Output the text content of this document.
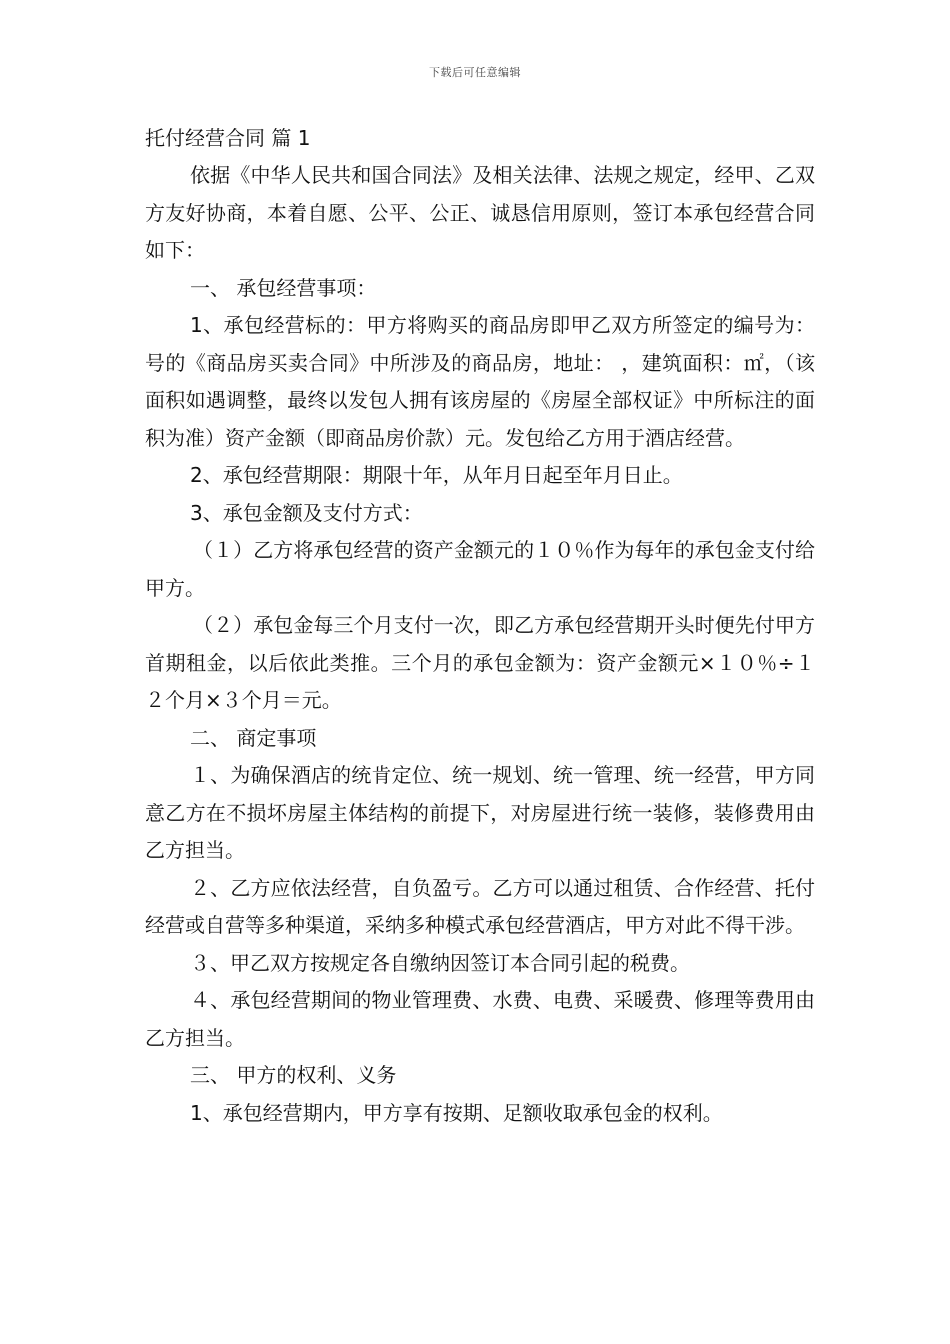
下载后可任意编辑
托付经营合同 篇 1

依据《中华人民共和国合同法》及相关法律、法规之规定，经甲、乙双方友好协商，本着自愿、公平、公正、诚恳信用原则，签订本承包经营合同如下：

一、 承包经营事项：

1、承包经营标的：甲方将购买的商品房即甲乙双方所签定的编号为： 号的《商品房买卖合同》中所涉及的商品房，地址： ，建筑面积：㎡，（该面积如遇调整，最终以发包人拥有该房屋的《房屋全部权证》中所标注的面积为准）资产金额（即商品房价款）元。发包给乙方用于酒店经营。

2、承包经营期限：期限十年，从年月日起至年月日止。

3、承包金额及支付方式：

（１）乙方将承包经营的资产金额元的１０％作为每年的承包金支付给甲方。

（２）承包金每三个月支付一次，即乙方承包经营期开头时便先付甲方首期租金，以后依此类推。三个月的承包金额为：资产金额元×１０％÷１２个月×３个月＝元。

二、 商定事项

１、为确保酒店的统肯定位、统一规划、统一管理、统一经营，甲方同意乙方在不损坏房屋主体结构的前提下，对房屋进行统一装修，装修费用由乙方担当。

２、乙方应依法经营，自负盈亏。乙方可以通过租赁、合作经营、托付经营或自营等多种渠道，采纳多种模式承包经营酒店，甲方对此不得干涉。

３、甲乙双方按规定各自缴纳因签订本合同引起的税费。

４、承包经营期间的物业管理费、水费、电费、采暖费、修理等费用由乙方担当。

三、 甲方的权利、义务

1、承包经营期内，甲方享有按期、足额收取承包金的权利。
